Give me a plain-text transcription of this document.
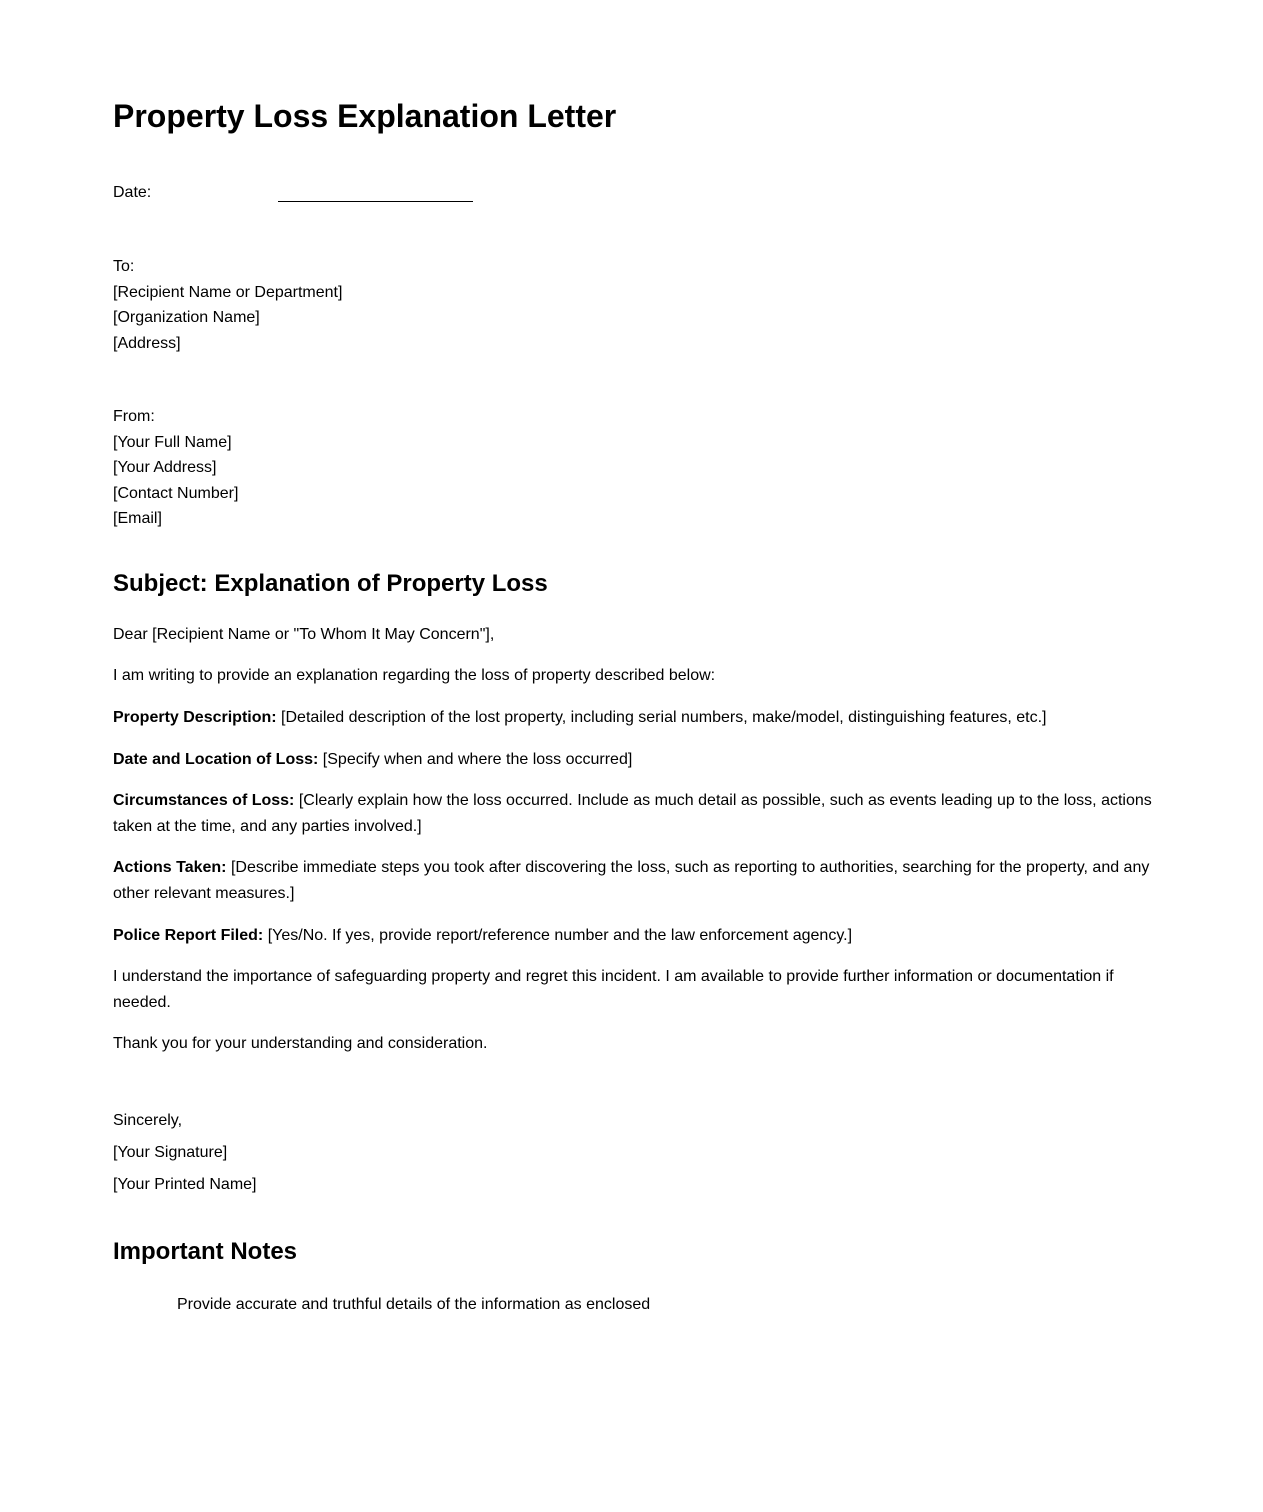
Property Loss Explanation Letter
Date:
To:
[Recipient Name or Department]
[Organization Name]
[Address]
From:
[Your Full Name]
[Your Address]
[Contact Number]
[Email]
Subject: Explanation of Property Loss

Dear [Recipient Name or "To Whom It May Concern"],

I am writing to provide an explanation regarding the loss of property described below:

Property Description: [Detailed description of the lost property, including serial numbers, make/model, distinguishing features, etc.]

Date and Location of Loss: [Specify when and where the loss occurred]

Circumstances of Loss: [Clearly explain how the loss occurred. Include as much detail as possible, such as events leading up to the loss, actions taken at the time, and any parties involved.]

Actions Taken: [Describe immediate steps you took after discovering the loss, such as reporting to authorities, searching for the property, and any other relevant measures.]

Police Report Filed: [Yes/No. If yes, provide report/reference number and the law enforcement agency.]

I understand the importance of safeguarding property and regret this incident. I am available to provide further information or documentation if needed.

Thank you for your understanding and consideration.

Sincerely,
[Your Signature]
[Your Printed Name]
Important Notes
Provide accurate and truthful details of the information as enclosed
